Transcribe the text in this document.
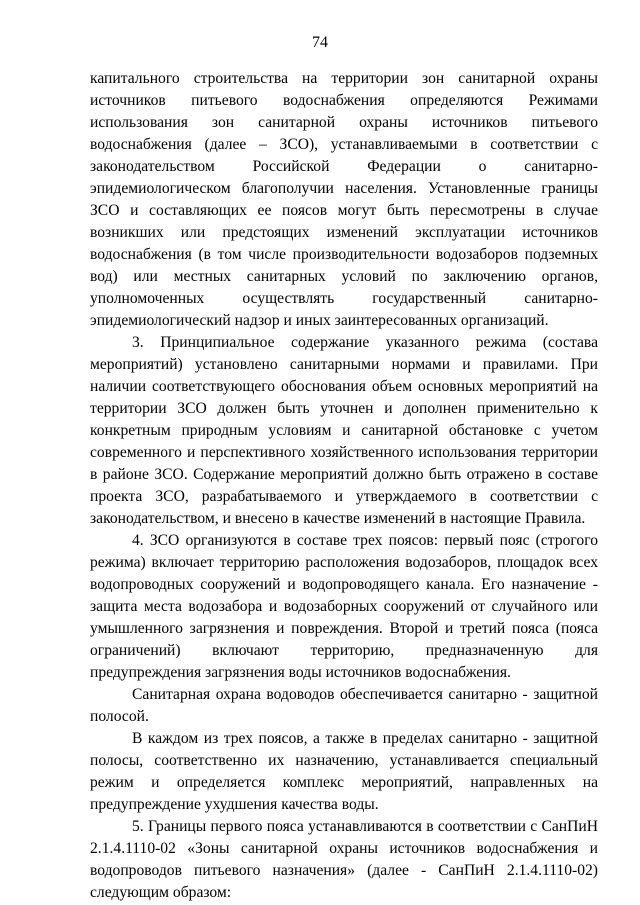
74

капитального строительства на территории зон санитарной охраны источников питьевого водоснабжения определяются Режимами использования зон санитарной охраны источников питьевого водоснабжения (далее – ЗСО), устанавливаемыми в соответствии с законодательством Российской Федерации о санитарно-эпидемиологическом благополучии населения. Установленные границы ЗСО и составляющих ее поясов могут быть пересмотрены в случае возникших или предстоящих изменений эксплуатации источников водоснабжения (в том числе производительности водозаборов подземных вод) или местных санитарных условий по заключению органов, уполномоченных осуществлять государственный санитарно-эпидемиологический надзор и иных заинтересованных организаций.

3. Принципиальное содержание указанного режима (состава мероприятий) установлено санитарными нормами и правилами. При наличии соответствующего обоснования объем основных мероприятий на территории ЗСО должен быть уточнен и дополнен применительно к конкретным природным условиям и санитарной обстановке с учетом современного и перспективного хозяйственного использования территории в районе ЗСО. Содержание мероприятий должно быть отражено в составе проекта ЗСО, разрабатываемого и утверждаемого в соответствии с законодательством, и внесено в качестве изменений в настоящие Правила.

4. ЗСО организуются в составе трех поясов: первый пояс (строгого режима) включает территорию расположения водозаборов, площадок всех водопроводных сооружений и водопроводящего канала. Его назначение - защита места водозабора и водозаборных сооружений от случайного или умышленного загрязнения и повреждения. Второй и третий пояса (пояса ограничений) включают территорию, предназначенную для предупреждения загрязнения воды источников водоснабжения.

Санитарная охрана водоводов обеспечивается санитарно - защитной полосой.

В каждом из трех поясов, а также в пределах санитарно - защитной полосы, соответственно их назначению, устанавливается специальный режим и определяется комплекс мероприятий, направленных на предупреждение ухудшения качества воды.

5. Границы первого пояса устанавливаются в соответствии с СанПиН 2.1.4.1110-02 «Зоны санитарной охраны источников водоснабжения и водопроводов питьевого назначения» (далее - СанПиН 2.1.4.1110-02) следующим образом:
